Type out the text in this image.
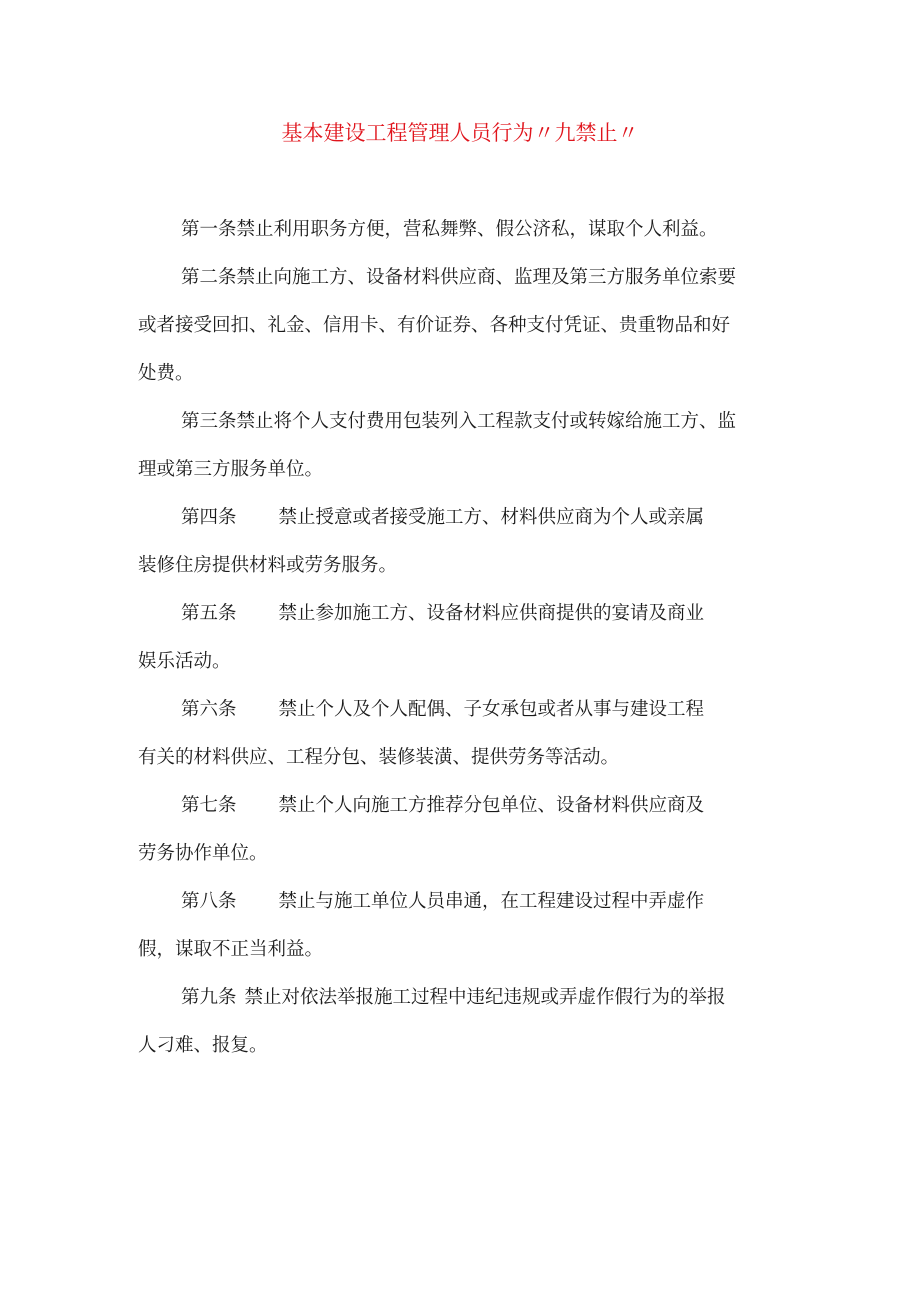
基本建设工程管理人员行为〃九禁止〃
第一条禁止利用职务方便，营私舞弊、假公济私，谋取个人利益。
第二条禁止向施工方、设备材料供应商、监理及第三方服务单位索要
或者接受回扣、礼金、信用卡、有价证券、各种支付凭证、贵重物品和好
处费。
第三条禁止将个人支付费用包装列入工程款支付或转嫁给施工方、监
理或第三方服务单位。
第四条 禁止授意或者接受施工方、材料供应商为个人或亲属
装修住房提供材料或劳务服务。
第五条 禁止参加施工方、设备材料应供商提供的宴请及商业
娱乐活动。
第六条 禁止个人及个人配偶、子女承包或者从事与建设工程
有关的材料供应、工程分包、装修装潢、提供劳务等活动。
第七条 禁止个人向施工方推荐分包单位、设备材料供应商及
劳务协作单位。
第八条 禁止与施工单位人员串通，在工程建设过程中弄虚作
假，谋取不正当利益。
第九条 禁止对依法举报施工过程中违纪违规或弄虚作假行为的举报
人刁难、报复。
